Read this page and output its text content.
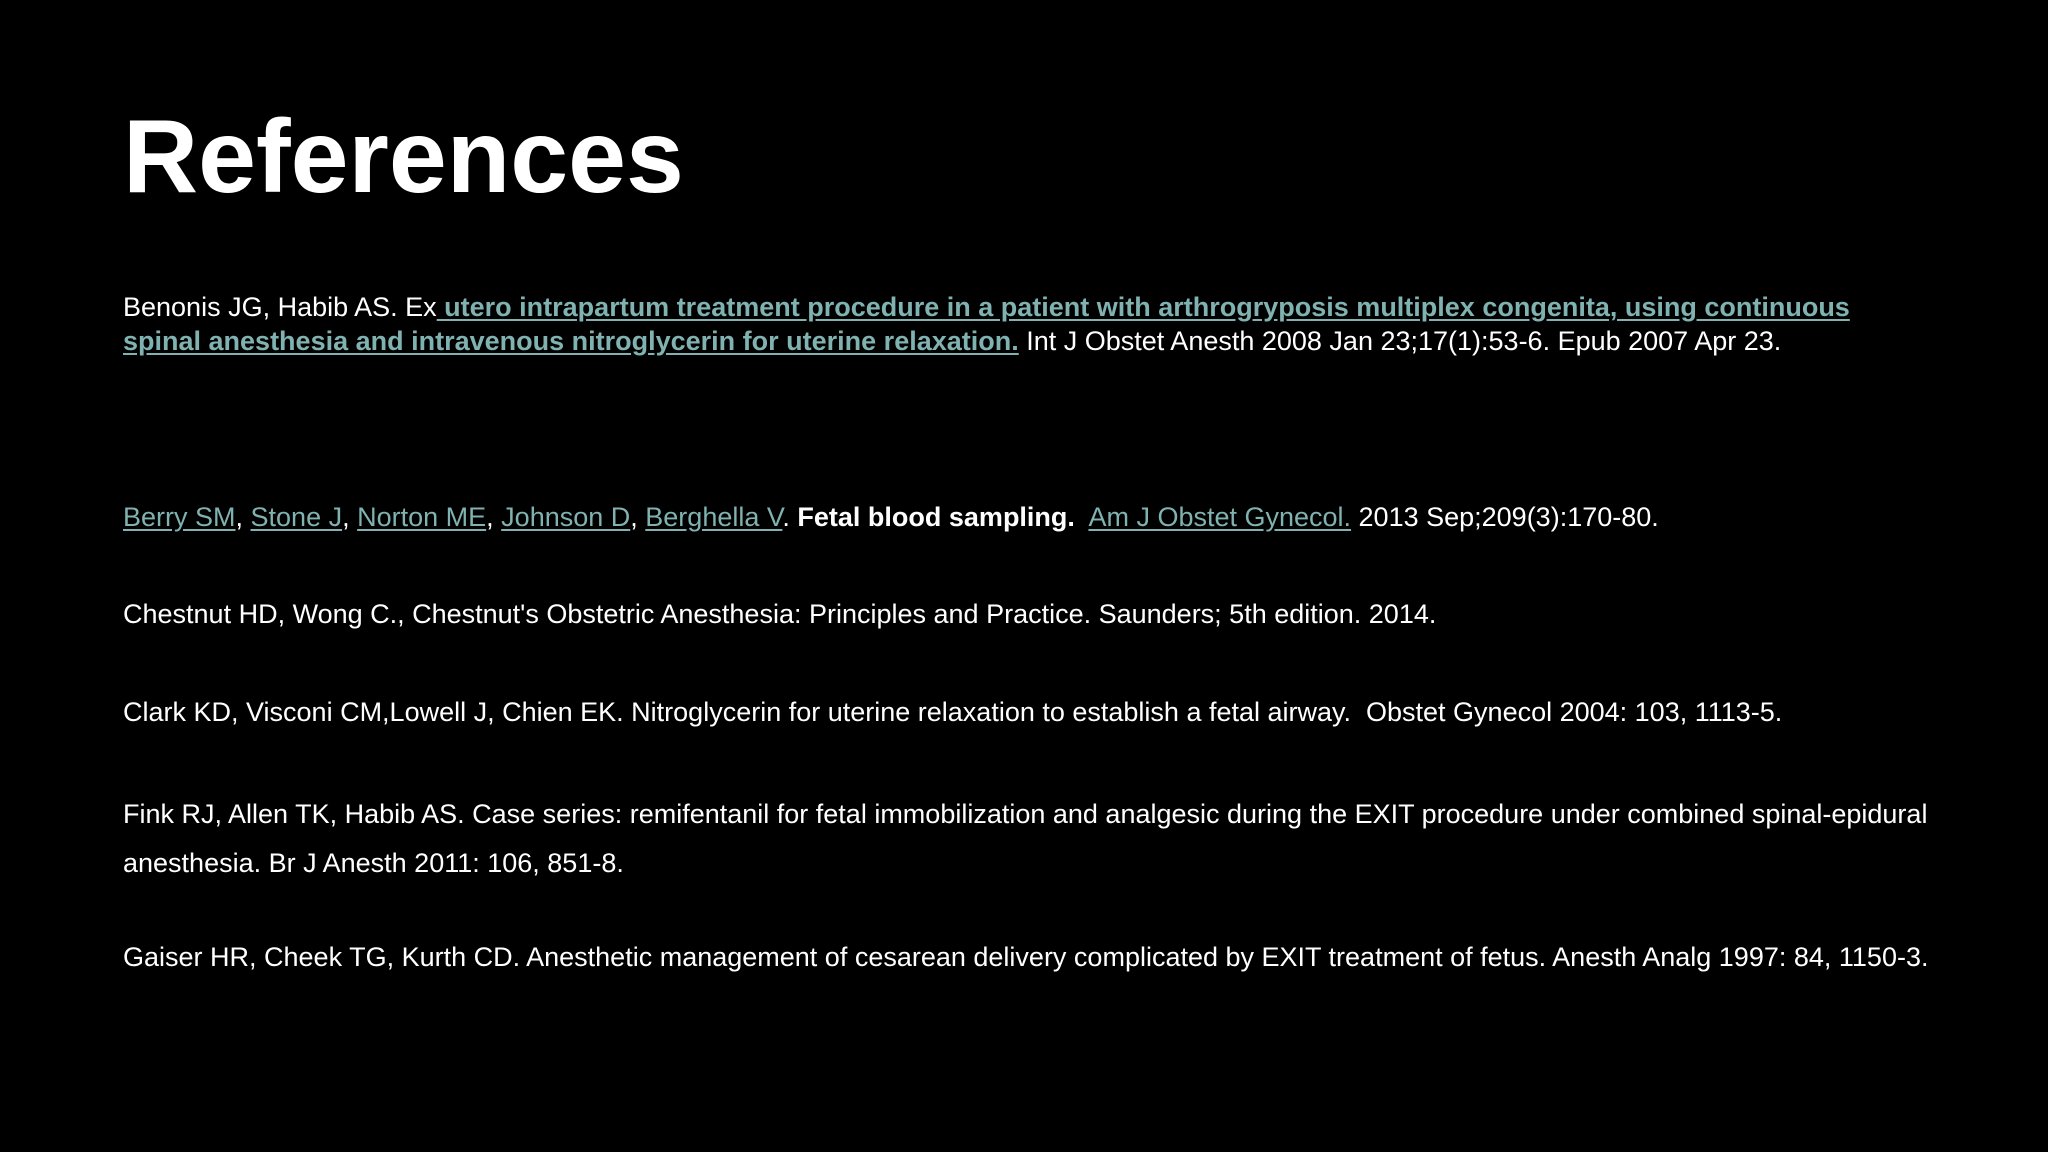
References

Benonis JG, Habib AS. Ex utero intrapartum treatment procedure in a patient with arthrogryposis multiplex congenita, using continuous spinal anesthesia and intravenous nitroglycerin for uterine relaxation. Int J Obstet Anesth 2008 Jan 23;17(1):53-6. Epub 2007 Apr 23.

Berry SM, Stone J, Norton ME, Johnson D, Berghella V. Fetal blood sampling. Am J Obstet Gynecol. 2013 Sep;209(3):170-80.

Chestnut HD, Wong C., Chestnut's Obstetric Anesthesia: Principles and Practice. Saunders; 5th edition. 2014.

Clark KD, Visconi CM,Lowell J, Chien EK. Nitroglycerin for uterine relaxation to establish a fetal airway.  Obstet Gynecol 2004: 103, 1113-5.

Fink RJ, Allen TK, Habib AS. Case series: remifentanil for fetal immobilization and analgesic during the EXIT procedure under combined spinal-epidural anesthesia. Br J Anesth 2011: 106, 851-8.

Gaiser HR, Cheek TG, Kurth CD. Anesthetic management of cesarean delivery complicated by EXIT treatment of fetus. Anesth Analg 1997: 84, 1150-3.
